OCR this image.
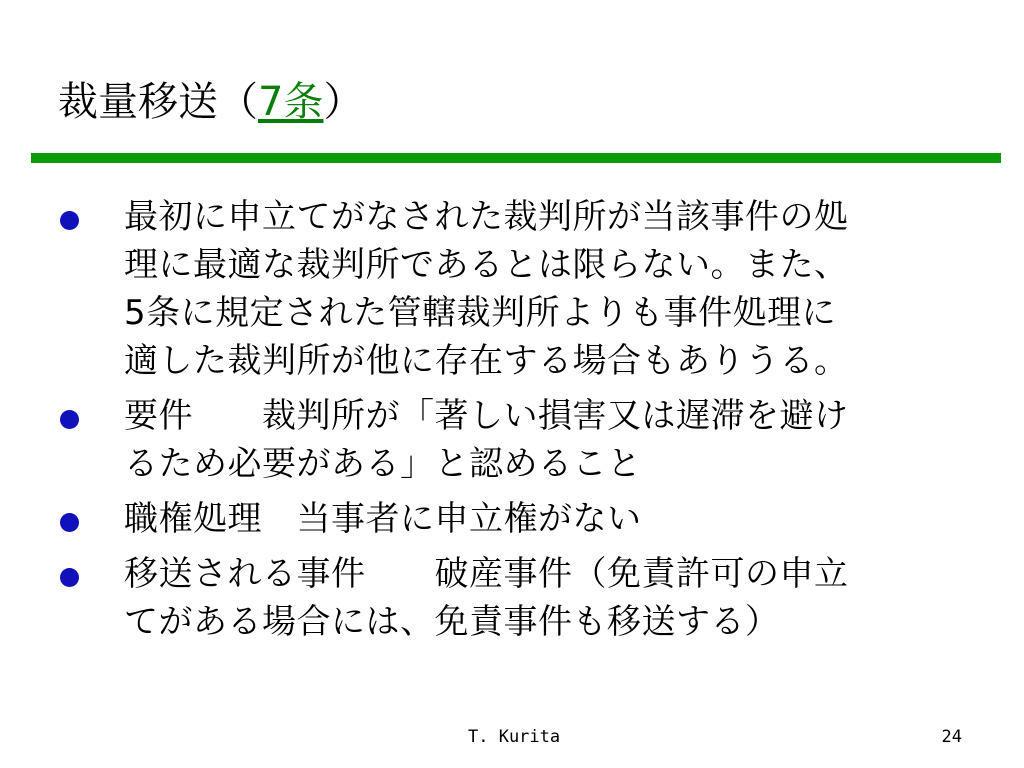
裁量移送（7条）
最初に申立てがなされた裁判所が当該事件の処
理に最適な裁判所であるとは限らない。また、
5条に規定された管轄裁判所よりも事件処理に
適した裁判所が他に存在する場合もありうる。
要件　　裁判所が「著しい損害又は遅滞を避け
るため必要がある」と認めること
職権処理　当事者に申立権がない
移送される事件　　破産事件（免責許可の申立
てがある場合には、免責事件も移送する）
T. Kurita	24
